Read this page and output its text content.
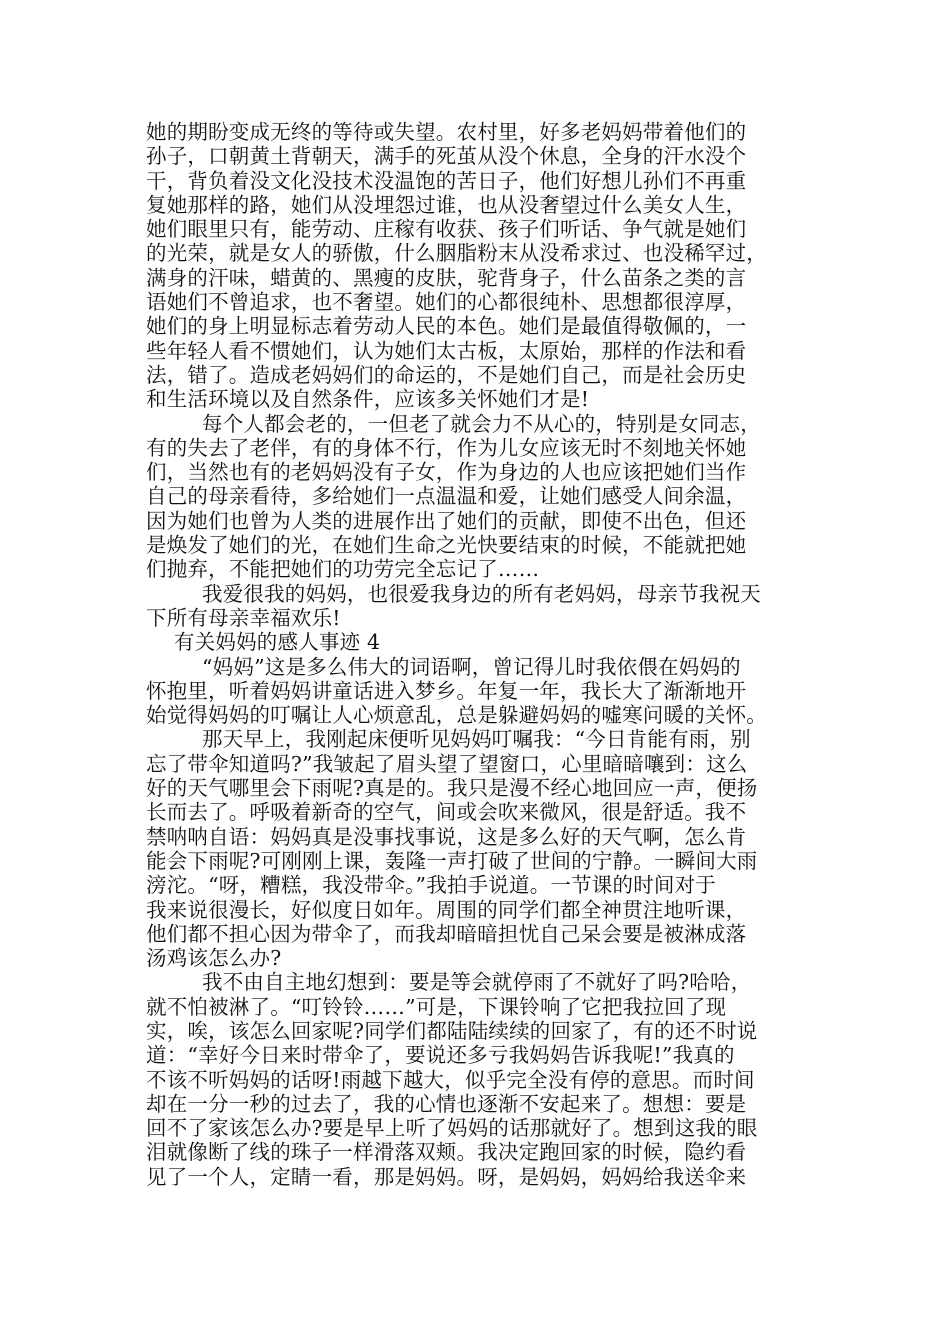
她的期盼变成无终的等待或失望。农村里，好多老妈妈带着他们的
孙子，口朝黄土背朝天，满手的死茧从没个休息，全身的汗水没个
干，背负着没文化没技术没温饱的苦日子，他们好想儿孙们不再重
复她那样的路，她们从没埋怨过谁，也从没奢望过什么美女人生，
她们眼里只有，能劳动、庄稼有收获、孩子们听话、争气就是她们
的光荣，就是女人的骄傲，什么胭脂粉末从没希求过、也没稀罕过，
满身的汗味，蜡黄的、黑瘦的皮肤，驼背身子，什么苗条之类的言
语她们不曾追求，也不奢望。她们的心都很纯朴、思想都很淳厚，
她们的身上明显标志着劳动人民的本色。她们是最值得敬佩的，一
些年轻人看不惯她们，认为她们太古板，太原始，那样的作法和看
法，错了。造成老妈妈们的命运的，不是她们自己，而是社会历史
和生活环境以及自然条件，应该多关怀她们才是!

每个人都会老的，一但老了就会力不从心的，特别是女同志，
有的失去了老伴，有的身体不行，作为儿女应该无时不刻地关怀她
们，当然也有的老妈妈没有子女，作为身边的人也应该把她们当作
自己的母亲看待，多给她们一点温温和爱，让她们感受人间余温，
因为她们也曾为人类的进展作出了她们的贡献，即使不出色，但还
是焕发了她们的光，在她们生命之光快要结束的时候，不能就把她
们抛弃，不能把她们的功劳完全忘记了……

我爱很我的妈妈，也很爱我身边的所有老妈妈，母亲节我祝天
下所有母亲幸福欢乐!

有关妈妈的感人事迹 4

“妈妈”这是多么伟大的词语啊，曾记得儿时我依偎在妈妈的
怀抱里，听着妈妈讲童话进入梦乡。年复一年，我长大了渐渐地开
始觉得妈妈的叮嘱让人心烦意乱，总是躲避妈妈的嘘寒问暖的关怀。

那天早上，我刚起床便听见妈妈叮嘱我：“今日肯能有雨，别
忘了带伞知道吗?”我皱起了眉头望了望窗口，心里暗暗嚷到：这么
好的天气哪里会下雨呢?真是的。我只是漫不经心地回应一声，便扬
长而去了。呼吸着新奇的空气，间或会吹来微风，很是舒适。我不
禁呐呐自语：妈妈真是没事找事说，这是多么好的天气啊，怎么肯
能会下雨呢?可刚刚上课，轰隆一声打破了世间的宁静。一瞬间大雨
滂沱。“呀，糟糕，我没带伞。”我拍手说道。一节课的时间对于
我来说很漫长，好似度日如年。周围的同学们都全神贯注地听课，
他们都不担心因为带伞了，而我却暗暗担忧自己呆会要是被淋成落
汤鸡该怎么办?

我不由自主地幻想到：要是等会就停雨了不就好了吗?哈哈，
就不怕被淋了。“叮铃铃……”可是，下课铃响了它把我拉回了现
实，唉，该怎么回家呢?同学们都陆陆续续的回家了，有的还不时说
道：“幸好今日来时带伞了，要说还多亏我妈妈告诉我呢!”我真的
不该不听妈妈的话呀!雨越下越大，似乎完全没有停的意思。而时间
却在一分一秒的过去了，我的心情也逐渐不安起来了。想想：要是
回不了家该怎么办?要是早上听了妈妈的话那就好了。想到这我的眼
泪就像断了线的珠子一样滑落双颊。我决定跑回家的时候，隐约看
见了一个人，定睛一看，那是妈妈。呀，是妈妈，妈妈给我送伞来
